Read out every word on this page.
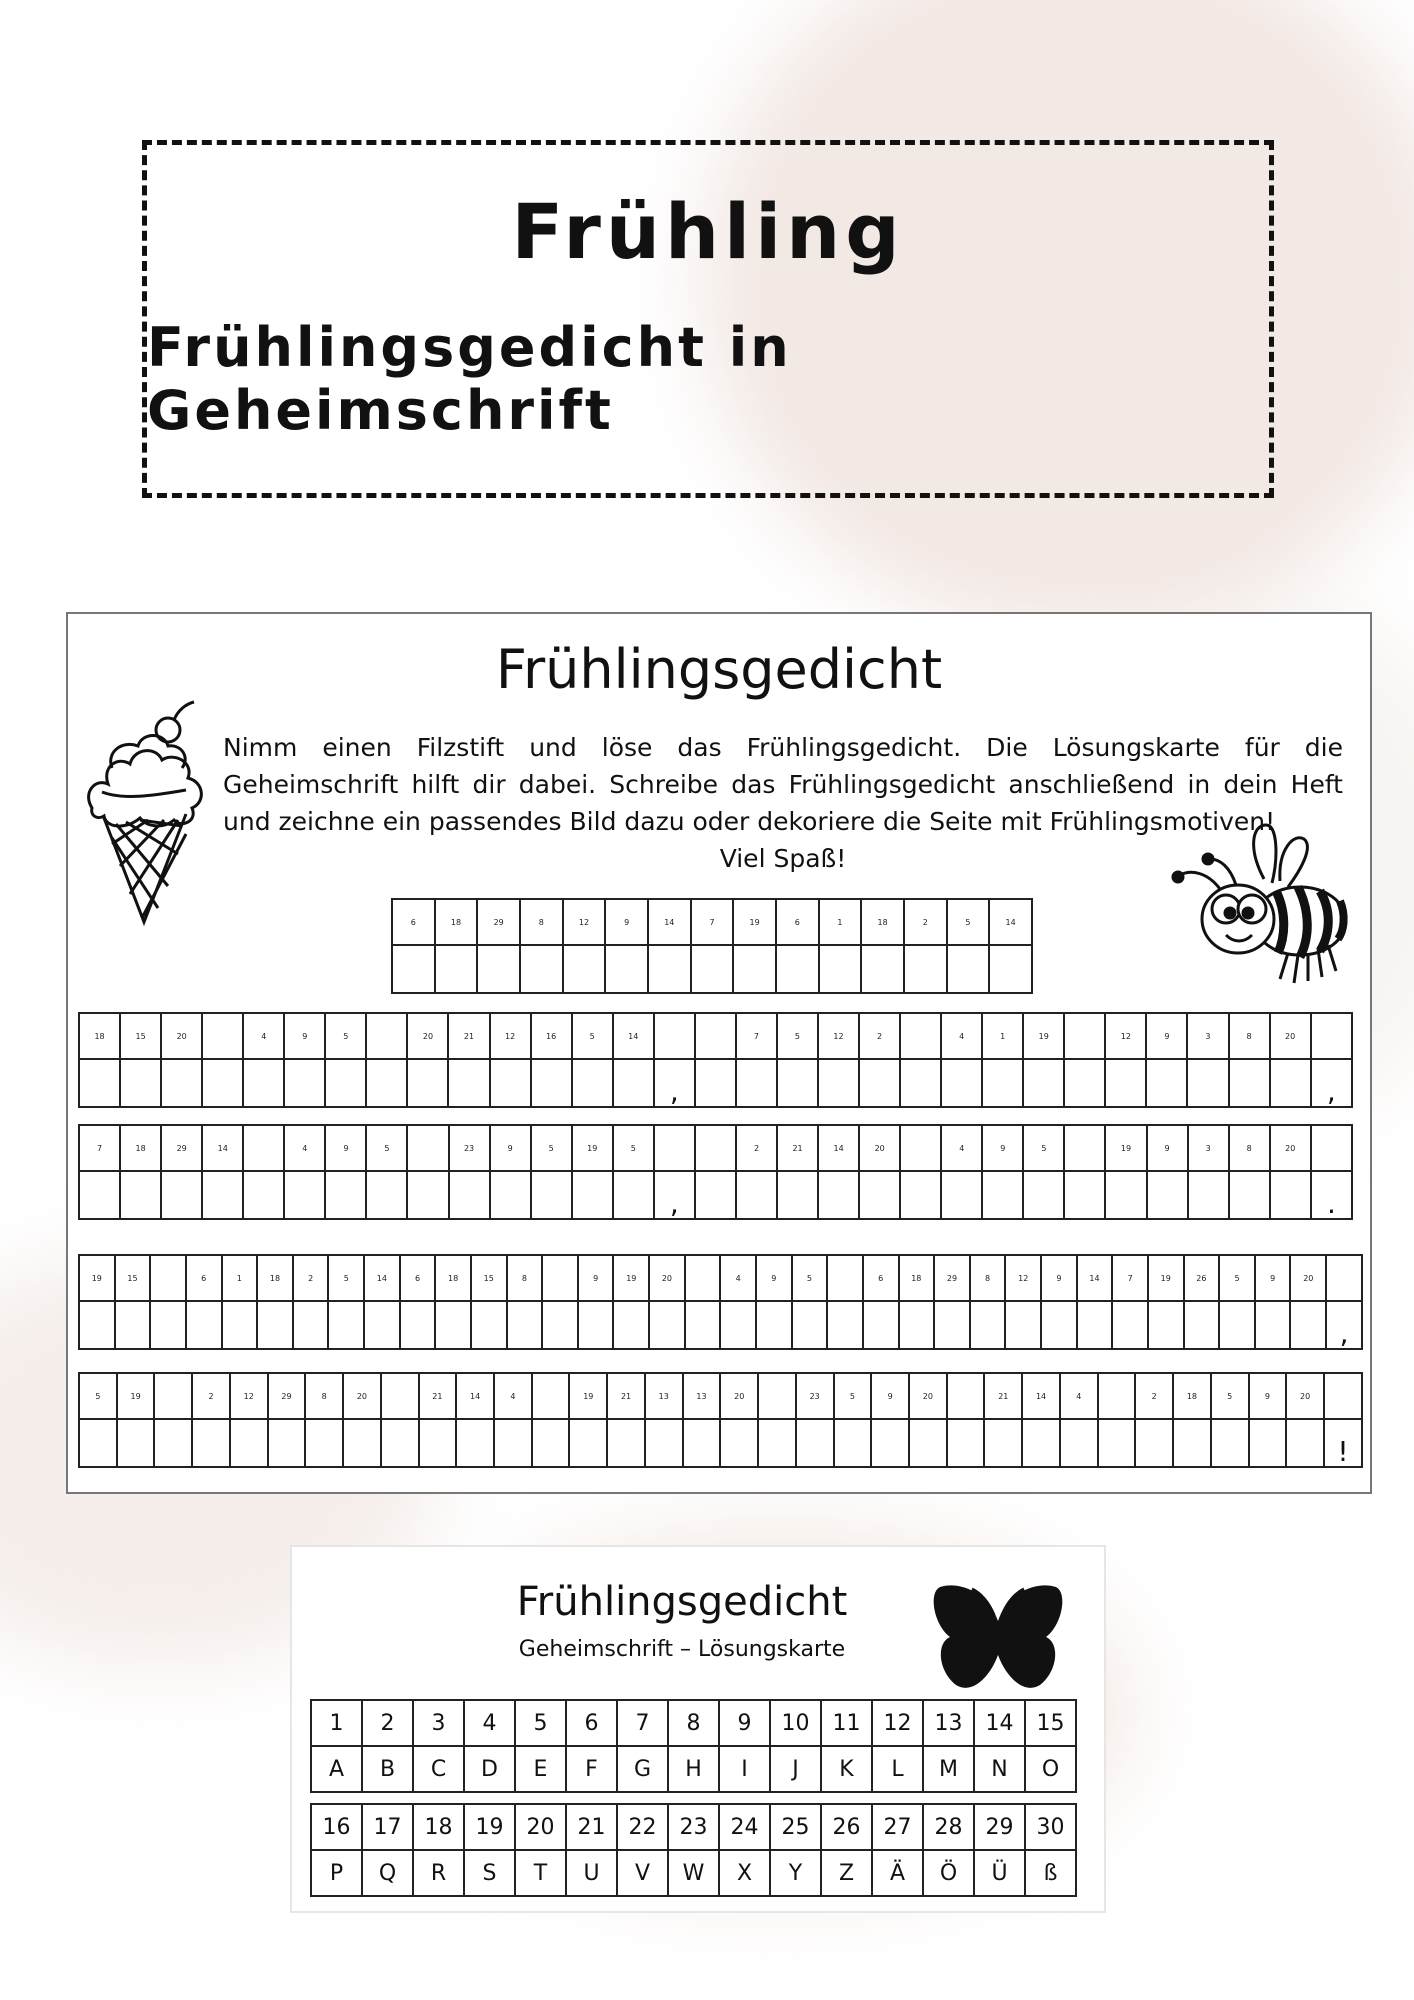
Frühling
Frühlingsgedicht in Geheimschrift
Frühlingsgedicht
Nimm einen Filzstift und löse das Frühlingsgedicht. Die Lösungskarte für die Geheimschrift hilft dir dabei. Schreibe das Frühlingsgedicht anschließend in dein Heft und zeichne ein passendes Bild dazu oder dekoriere die Seite mit Frühlingsmotiven!
Viel Spaß!
6	18	29	8	12	9	14	7	19	6	1	18	2	5	14

18	15	20		4	9	5		20	21	12	16	5	14			7	5	12	2		4	1	19		12	9	3	8	20	
														,																,
7	18	29	14		4	9	5		23	9	5	19	5			2	21	14	20		4	9	5		19	9	3	8	20	
														,																.
19	15		6	1	18	2	5	14	6	18	15	8		9	19	20		4	9	5		6	18	29	8	12	9	14	7	19	26	5	9	20	
																																			,
5	19		2	12	29	8	20		21	14	4		19	21	13	13	20		23	5	9	20		21	14	4		2	18	5	9	20	
																																	!
Frühlingsgedicht
Geheimschrift – Lösungskarte
1	2	3	4	5	6	7	8	9	10	11	12	13	14	15
A	B	C	D	E	F	G	H	I	J	K	L	M	N	O
16	17	18	19	20	21	22	23	24	25	26	27	28	29	30
P	Q	R	S	T	U	V	W	X	Y	Z	Ä	Ö	Ü	ß
